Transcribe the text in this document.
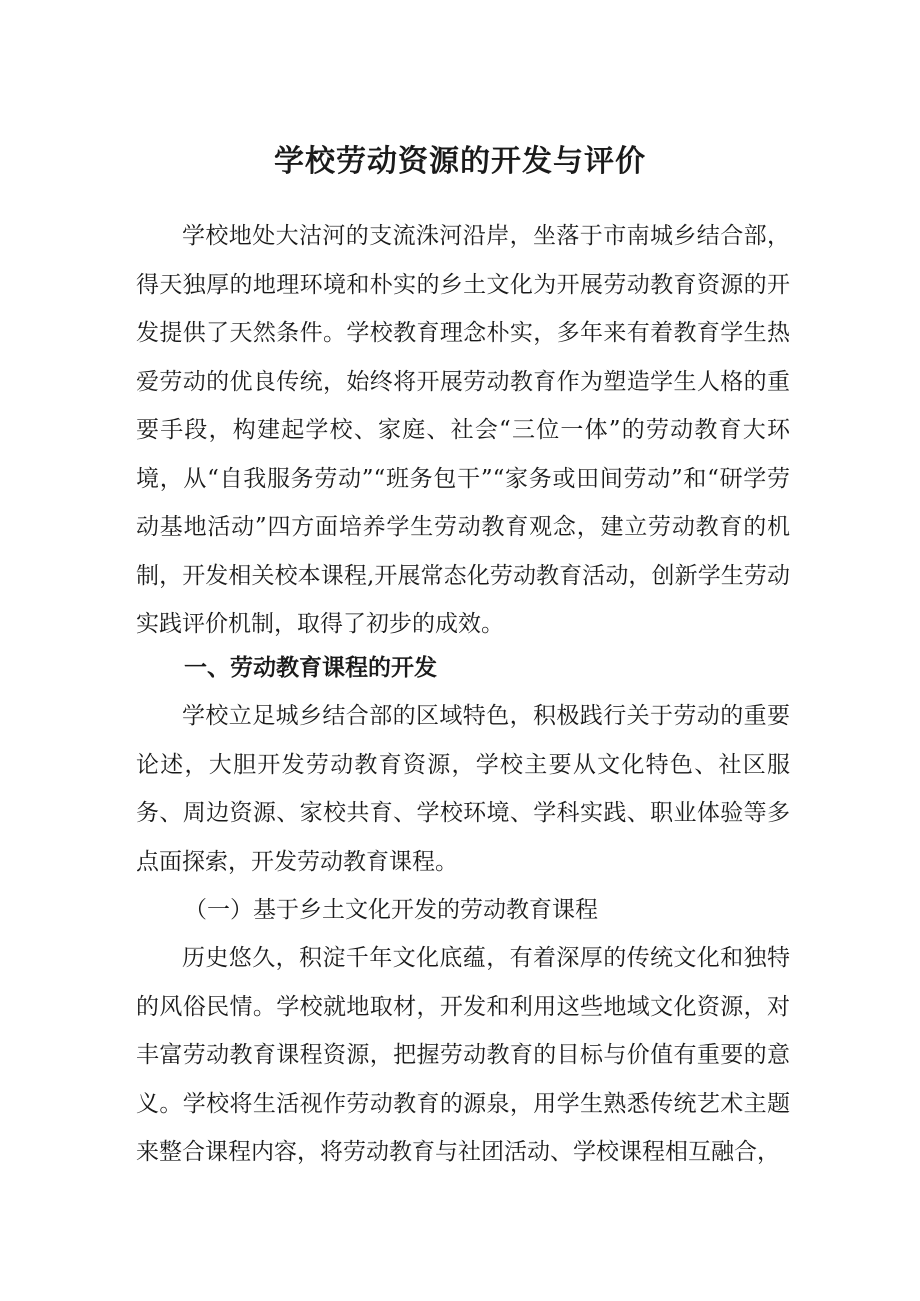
学校劳动资源的开发与评价

学校地处大沽河的支流洙河沿岸，坐落于市南城乡结合部，得天独厚的地理环境和朴实的乡土文化为开展劳动教育资源的开发提供了天然条件。学校教育理念朴实，多年来有着教育学生热爱劳动的优良传统，始终将开展劳动教育作为塑造学生人格的重要手段，构建起学校、家庭、社会“三位一体”的劳动教育大环境，从“自我服务劳动”“班务包干”“家务或田间劳动”和“研学劳动基地活动”四方面培养学生劳动教育观念，建立劳动教育的机制，开发相关校本课程,开展常态化劳动教育活动，创新学生劳动实践评价机制，取得了初步的成效。

一、劳动教育课程的开发

学校立足城乡结合部的区域特色，积极践行关于劳动的重要论述，大胆开发劳动教育资源，学校主要从文化特色、社区服务、周边资源、家校共育、学校环境、学科实践、职业体验等多点面探索，开发劳动教育课程。

（一）基于乡土文化开发的劳动教育课程

历史悠久，积淀千年文化底蕴，有着深厚的传统文化和独特的风俗民情。学校就地取材，开发和利用这些地域文化资源，对丰富劳动教育课程资源，把握劳动教育的目标与价值有重要的意义。学校将生活视作劳动教育的源泉，用学生熟悉传统艺术主题来整合课程内容，将劳动教育与社团活动、学校课程相互融合，
